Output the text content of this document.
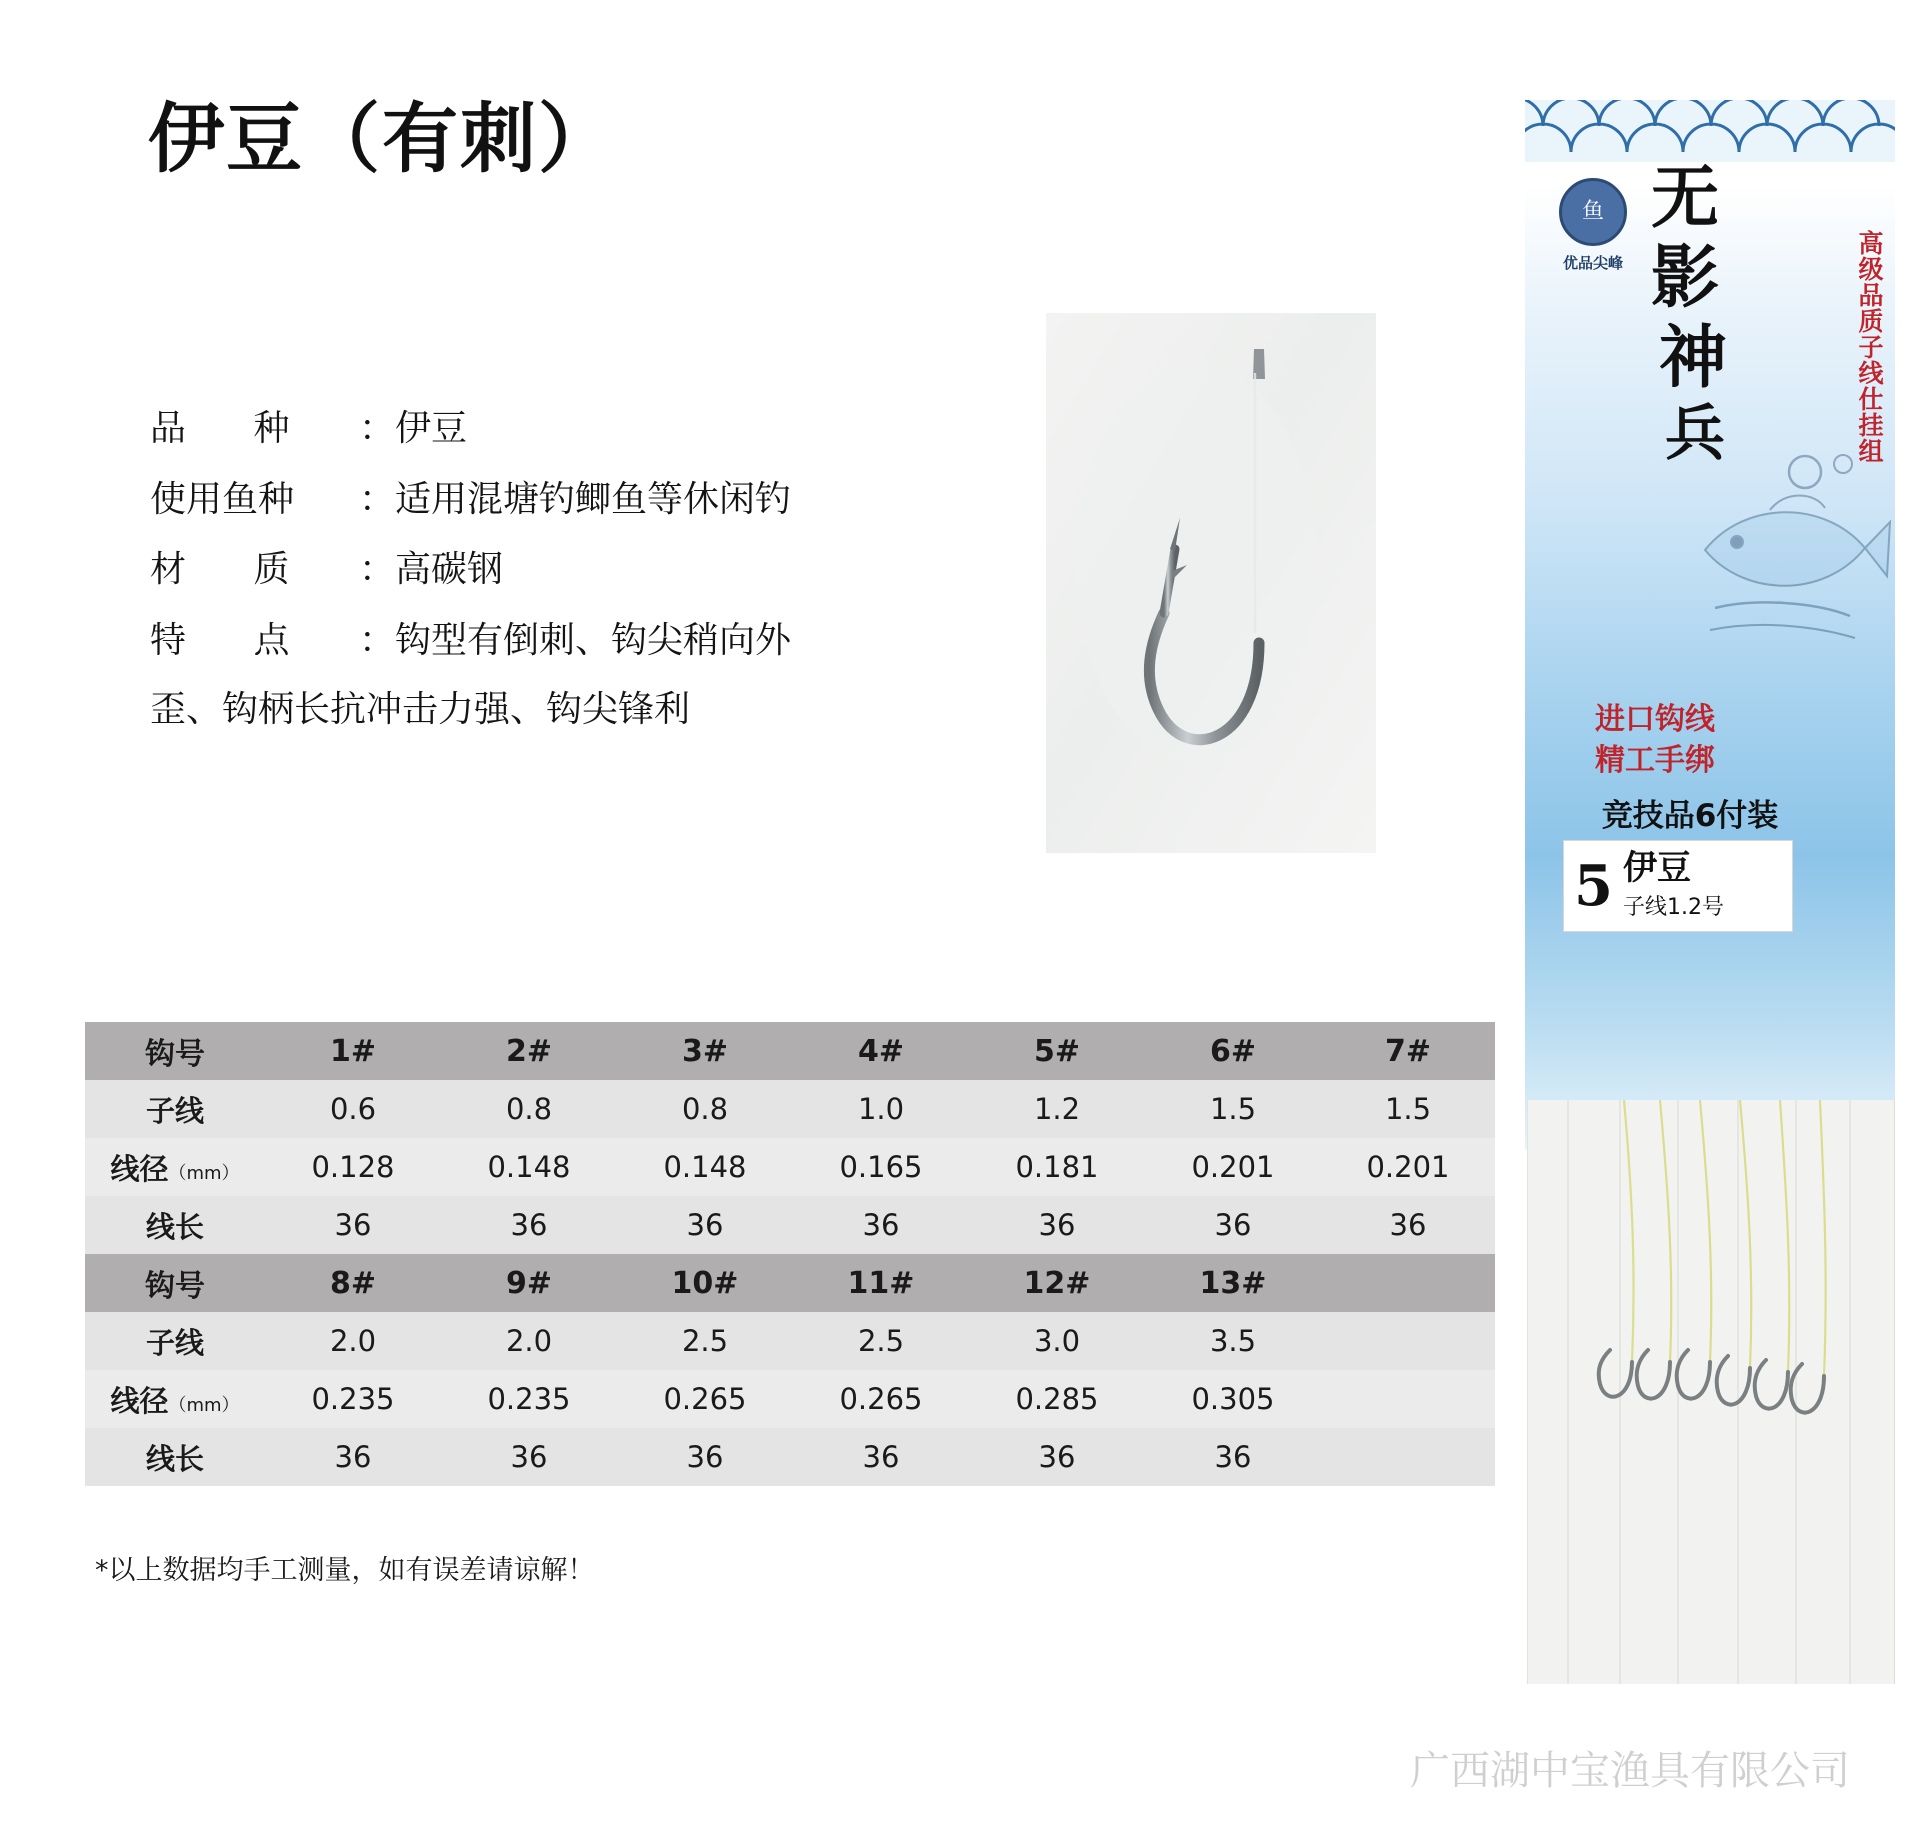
伊豆（有刺）
品 种 ： 伊豆
使用鱼种 ： 适用混塘钓鲫鱼等休闲钓
材 质 ： 高碳钢
特 点 ： 钩型有倒刺、钩尖稍向外
歪、钩柄长抗冲击力强、钩尖锋利
鱼
优品尖峰
无
影
神
兵	高级品质子线仕挂组
进口钩线
精工手绑
竞技品6付装
5 伊豆
子线1.2号
钩号	1#	2#	3#	4#	5#	6#	7#
子线	0.6	0.8	0.8	1.0	1.2	1.5	1.5
线径（mm）	0.128	0.148	0.148	0.165	0.181	0.201	0.201
线长	36	36	36	36	36	36	36
钩号	8#	9#	10#	11#	12#	13#	
子线	2.0	2.0	2.5	2.5	3.0	3.5	
线径（mm）	0.235	0.235	0.265	0.265	0.285	0.305	
线长	36	36	36	36	36	36	
*以上数据均手工测量，如有误差请谅解！
广西湖中宝渔具有限公司
